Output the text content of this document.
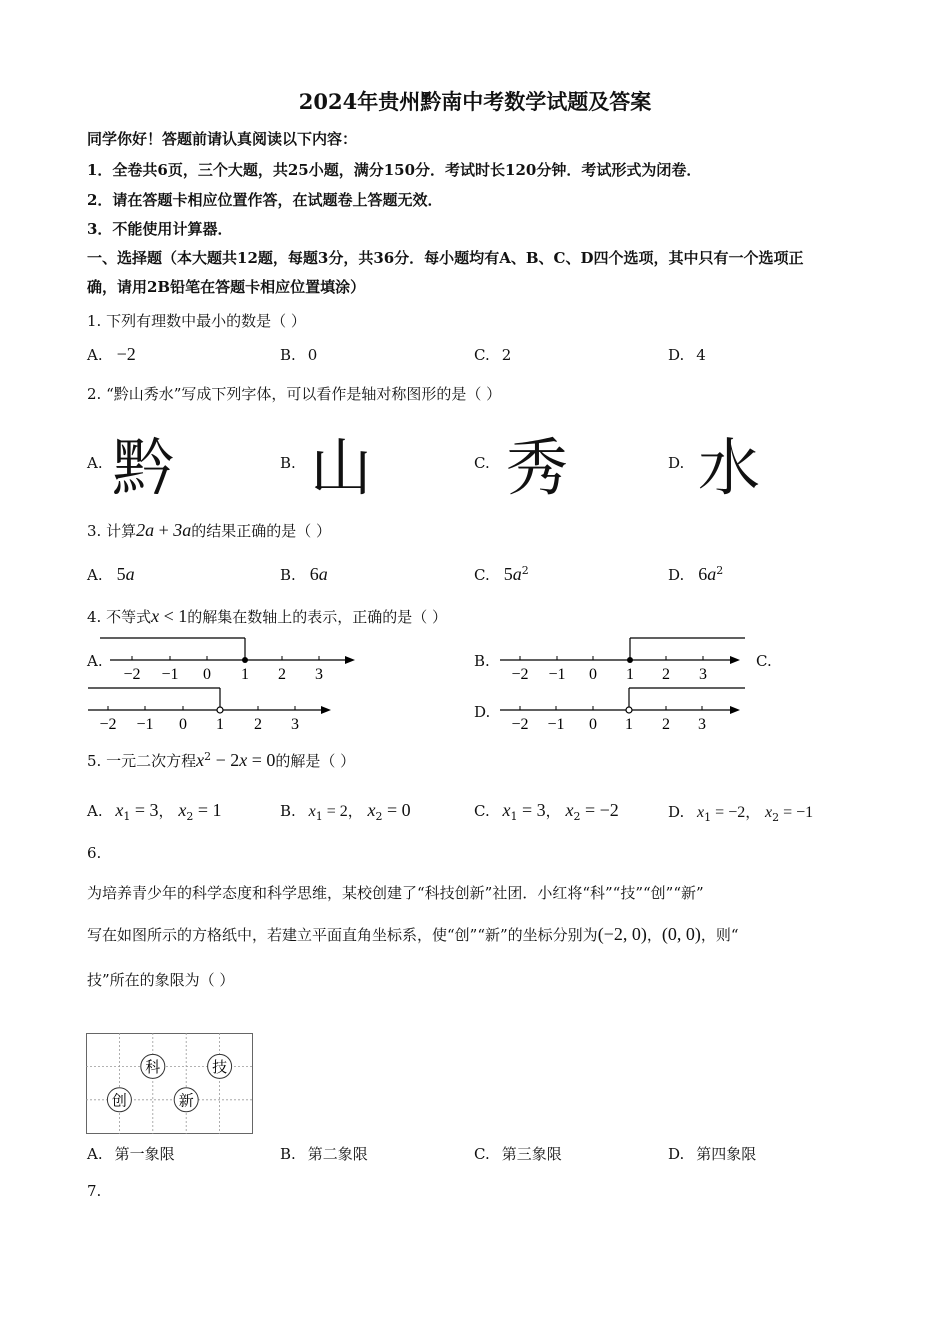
2024年贵州黔南中考数学试题及答案
同学你好！答题前请认真阅读以下内容：
1．全卷共6页，三个大题，共25小题，满分150分．考试时长120分钟．考试形式为闭卷．
2．请在答题卡相应位置作答，在试题卷上答题无效．
3．不能使用计算器．
一、选择题（本大题共12题，每题3分，共36分．每小题均有A、B、C、D四个选项，其中只有一个选项正
确，请用2B铅笔在答题卡相应位置填涂）
1. 下列有理数中最小的数是（ ）
A. −2	B. 0	C. 2	D. 4
2. “黔山秀水”写成下列字体，可以看作是轴对称图形的是（ ）
A. 黔	B. 山	C. 秀	D. 水
3. 计算2a + 3a的结果正确的是（ ）
A. 5a	B. 6a	C. $5a^2$	D. $6a^2$
4. 不等式x < 1的解集在数轴上的表示，正确的是（ ）
A.
−2 −1 0 1 2 3
B.
−2 −1 0 1 2 3
C.
−2 −1 0 1 2 3
D.
−2 −1 0 1 2 3
5. 一元二次方程$x^2 - 2x = 0$的解是（ ）
A. $x_1 = 3$， $x_2 = 1$	B. $x_1 = 2$， $x_2 = 0$	C. $x_1 = 3$， $x_2 = -2$	D. $x_1 = -2$， $x_2 = -1$
6.
为培养青少年的科学态度和科学思维，某校创建了“科技创新”社团．小红将“科”“技”“创”“新”
写在如图所示的方格纸中，若建立平面直角坐标系，使“创”“新”的坐标分别为(−2, 0)，(0, 0)，则“
技”所在的象限为（ ）
科	技
创	新
A. 第一象限	B. 第二象限	C. 第三象限	D. 第四象限
7.
